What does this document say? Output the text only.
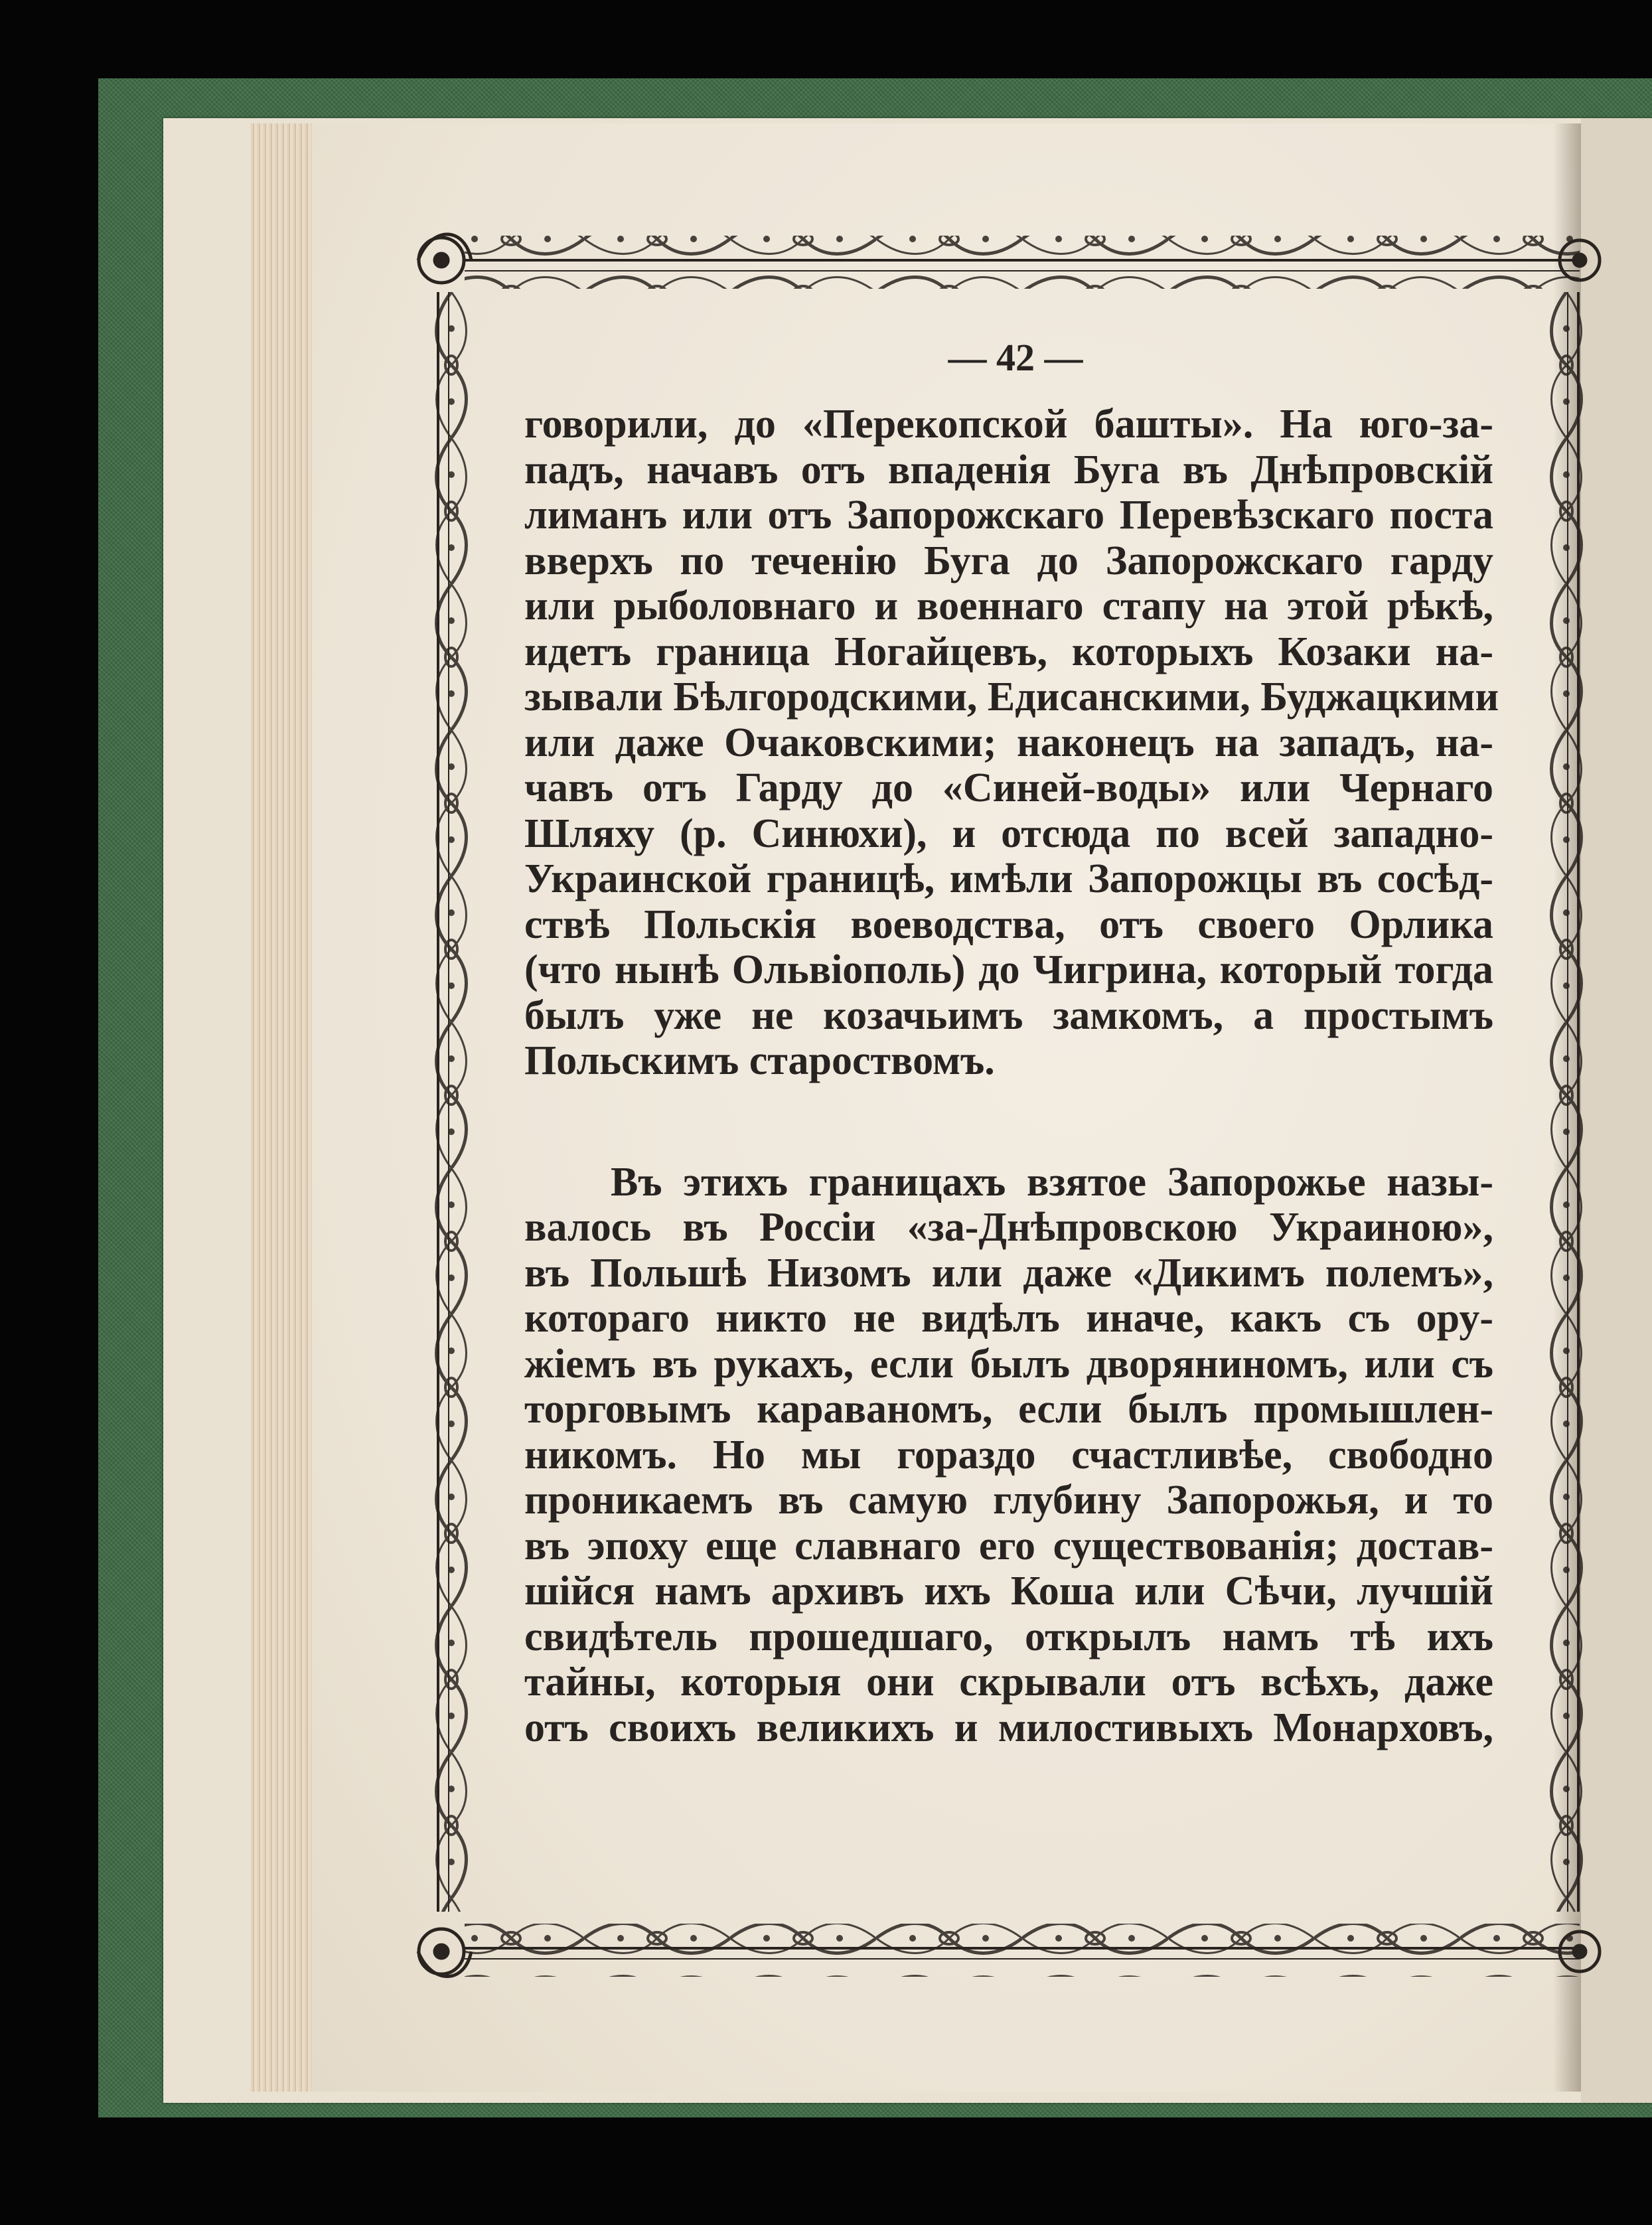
— 42 —
говорили, до «Перекопской башты». На юго-за-
падъ, начавъ отъ впаденія Буга въ Днѣпровскій
лиманъ или отъ Запорожскаго Перевѣзскаго поста
вверхъ по теченію Буга до Запорожскаго гарду
или рыболовнаго и военнаго стапу на этой рѣкѣ,
идетъ граница Ногайцевъ, которыхъ Козаки на-
зывали Бѣлгородскими, Едисанскими, Буджацкими
или даже Очаковскими; наконецъ на западъ, на-
чавъ отъ Гарду до «Синей-воды» или Чернаго
Шляху (р. Синюхи), и отсюда по всей западно-
Украинской границѣ, имѣли Запорожцы въ сосѣд-
ствѣ Польскія воеводства, отъ своего Орлика
(что нынѣ Ольвіополь) до Чигрина, который тогда
былъ уже не козачьимъ замкомъ, а простымъ
Польскимъ староствомъ.
Въ этихъ границахъ взятое Запорожье назы-
валось въ Россіи «за-Днѣпровскою Украиною»,
въ Польшѣ Низомъ или даже «Дикимъ полемъ»,
котораго никто не видѣлъ иначе, какъ съ ору-
жіемъ въ рукахъ, если былъ дворяниномъ, или съ
торговымъ караваномъ, если былъ промышлен-
никомъ. Но мы гораздо счастливѣе, свободно
проникаемъ въ самую глубину Запорожья, и то
въ эпоху еще славнаго его существованія; достав-
шійся намъ архивъ ихъ Коша или Сѣчи, лучшій
свидѣтель прошедшаго, открылъ намъ тѣ ихъ
тайны, которыя они скрывали отъ всѣхъ, даже
отъ своихъ великихъ и милостивыхъ Монарховъ,
